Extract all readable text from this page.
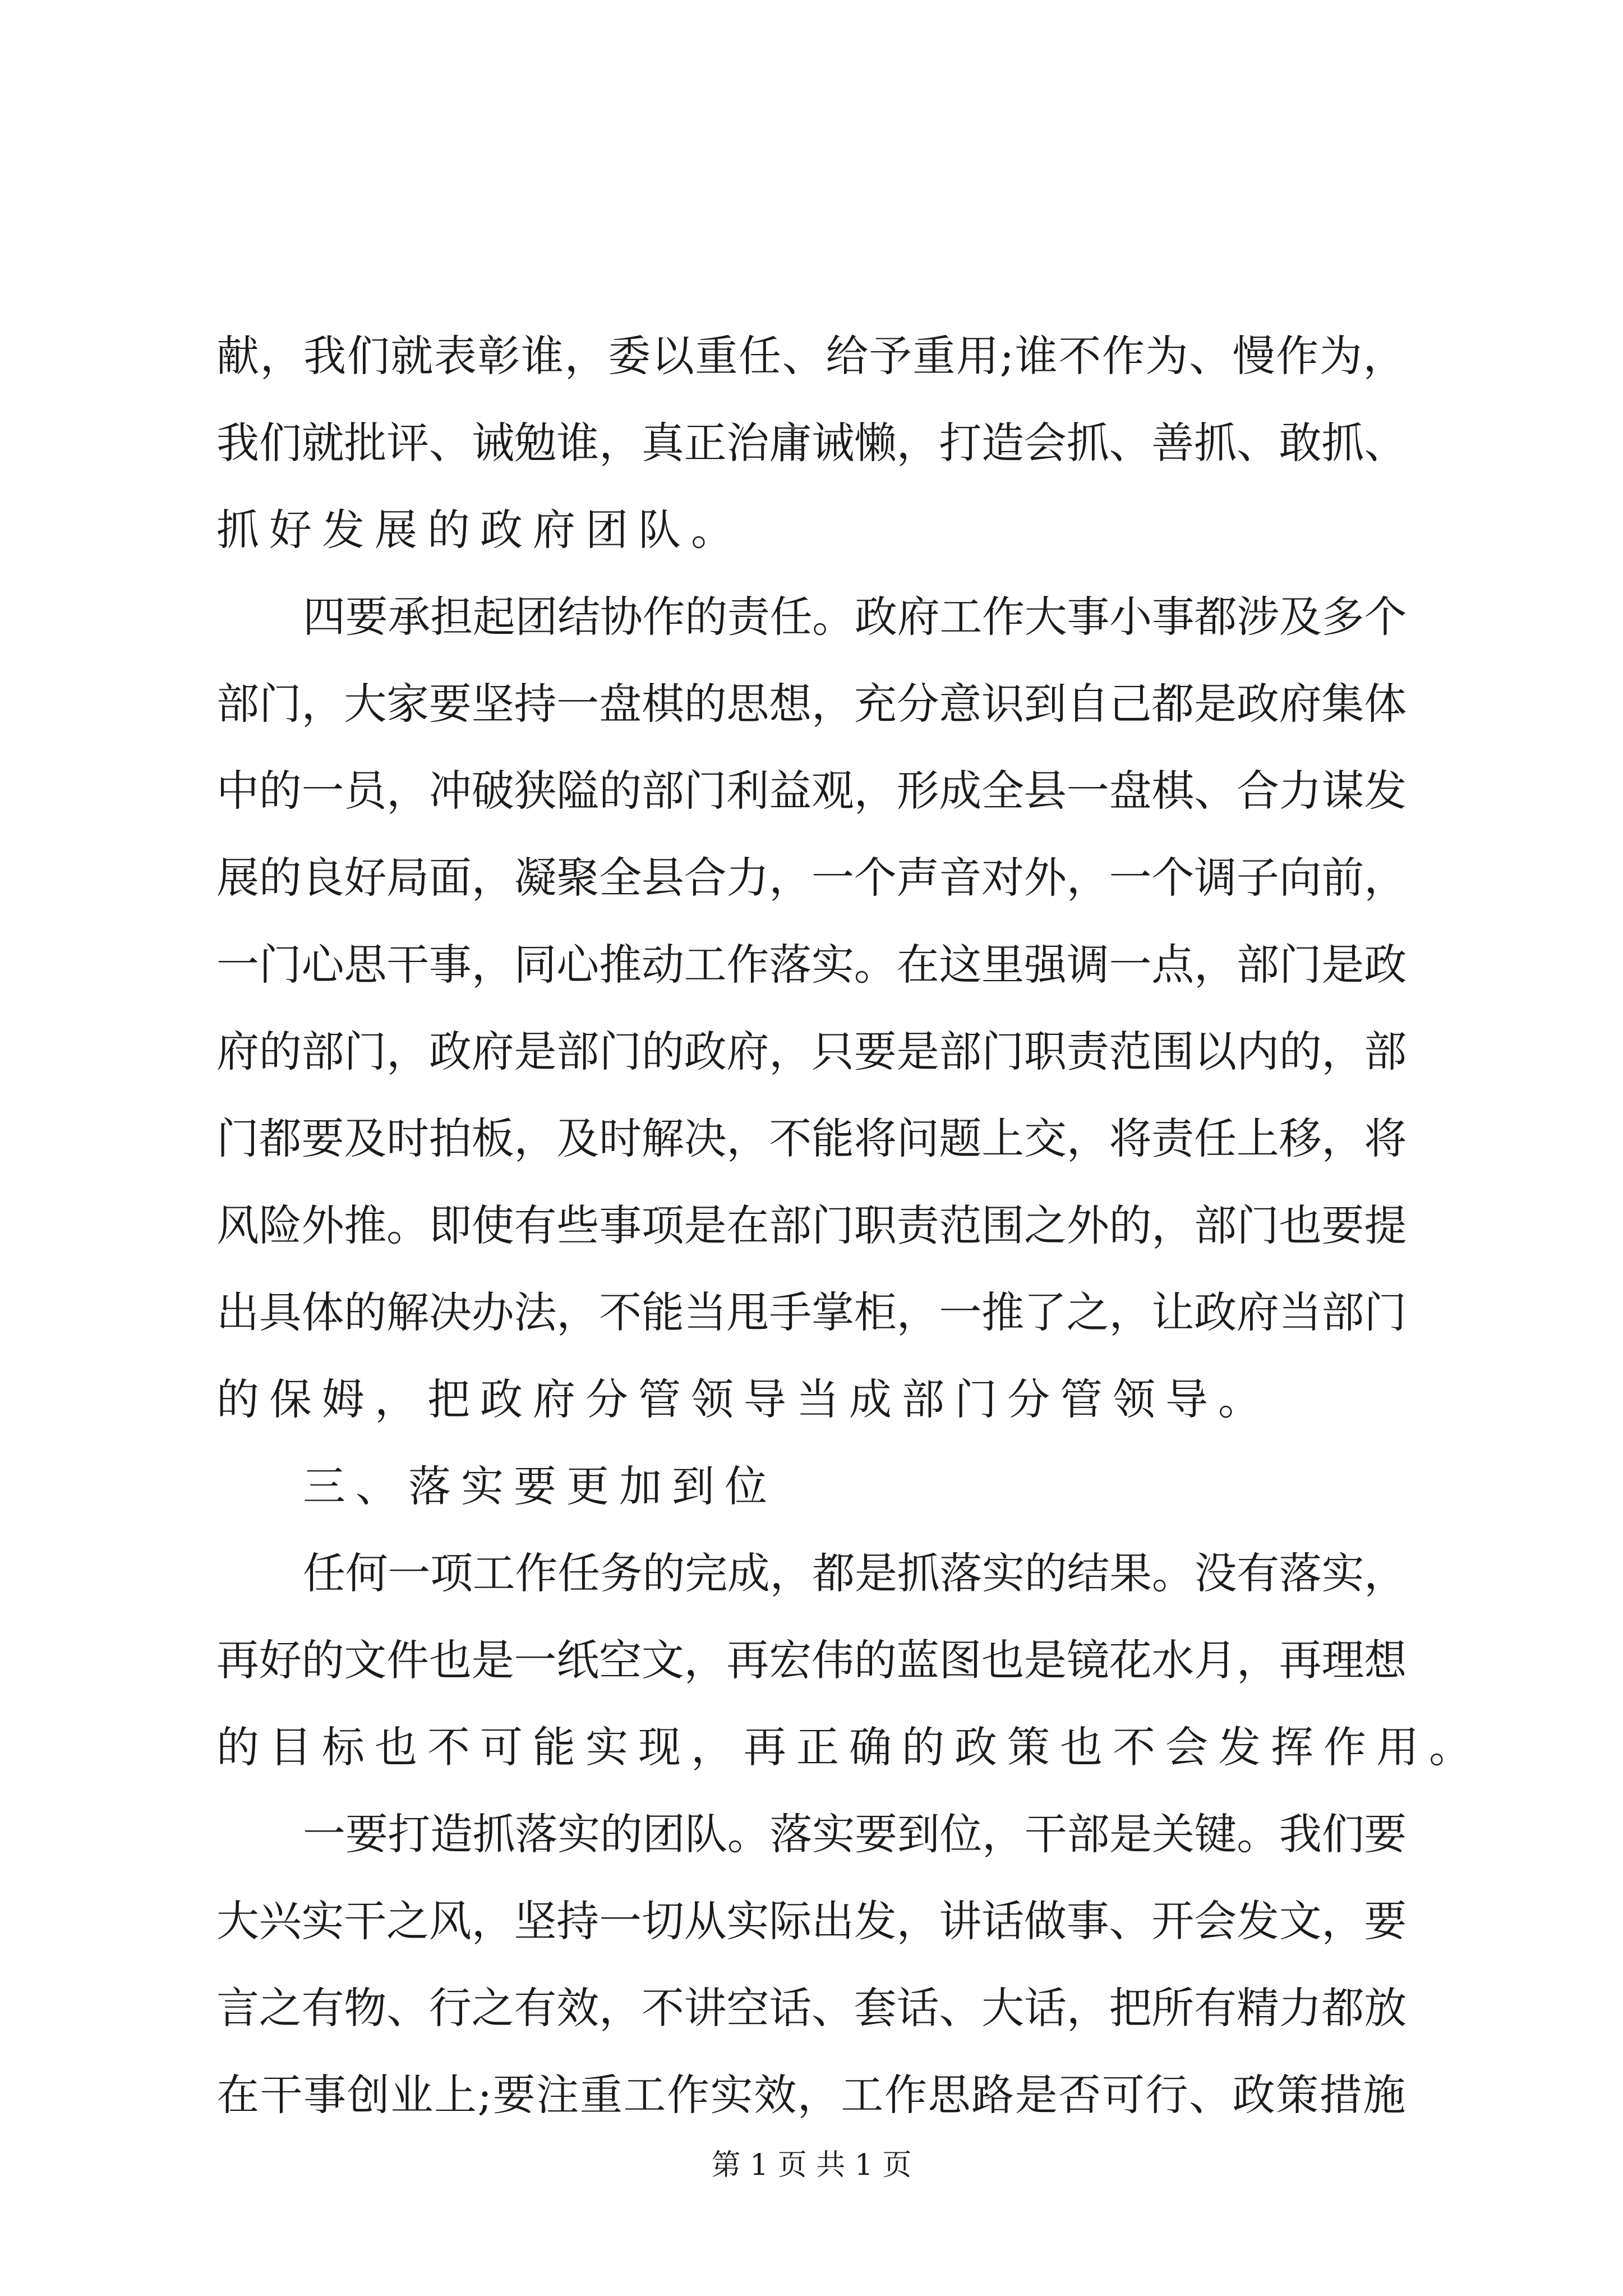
献，我们就表彰谁，委以重任、给予重用;谁不作为、慢作为，
我们就批评、诫勉谁，真正治庸诫懒，打造会抓、善抓、敢抓、
抓好发展的政府团队。
四要承担起团结协作的责任。政府工作大事小事都涉及多个
部门，大家要坚持一盘棋的思想，充分意识到自己都是政府集体
中的一员，冲破狭隘的部门利益观，形成全县一盘棋、合力谋发
展的良好局面，凝聚全县合力，一个声音对外，一个调子向前，
一门心思干事，同心推动工作落实。在这里强调一点，部门是政
府的部门，政府是部门的政府，只要是部门职责范围以内的，部
门都要及时拍板，及时解决，不能将问题上交，将责任上移，将
风险外推。即使有些事项是在部门职责范围之外的，部门也要提
出具体的解决办法，不能当甩手掌柜，一推了之，让政府当部门
的保姆，把政府分管领导当成部门分管领导。
三、落实要更加到位
任何一项工作任务的完成，都是抓落实的结果。没有落实，
再好的文件也是一纸空文，再宏伟的蓝图也是镜花水月，再理想
的目标也不可能实现，再正确的政策也不会发挥作用。
一要打造抓落实的团队。落实要到位，干部是关键。我们要
大兴实干之风，坚持一切从实际出发，讲话做事、开会发文，要
言之有物、行之有效，不讲空话、套话、大话，把所有精力都放
在干事创业上;要注重工作实效，工作思路是否可行、政策措施
第 1 页 共 1 页
